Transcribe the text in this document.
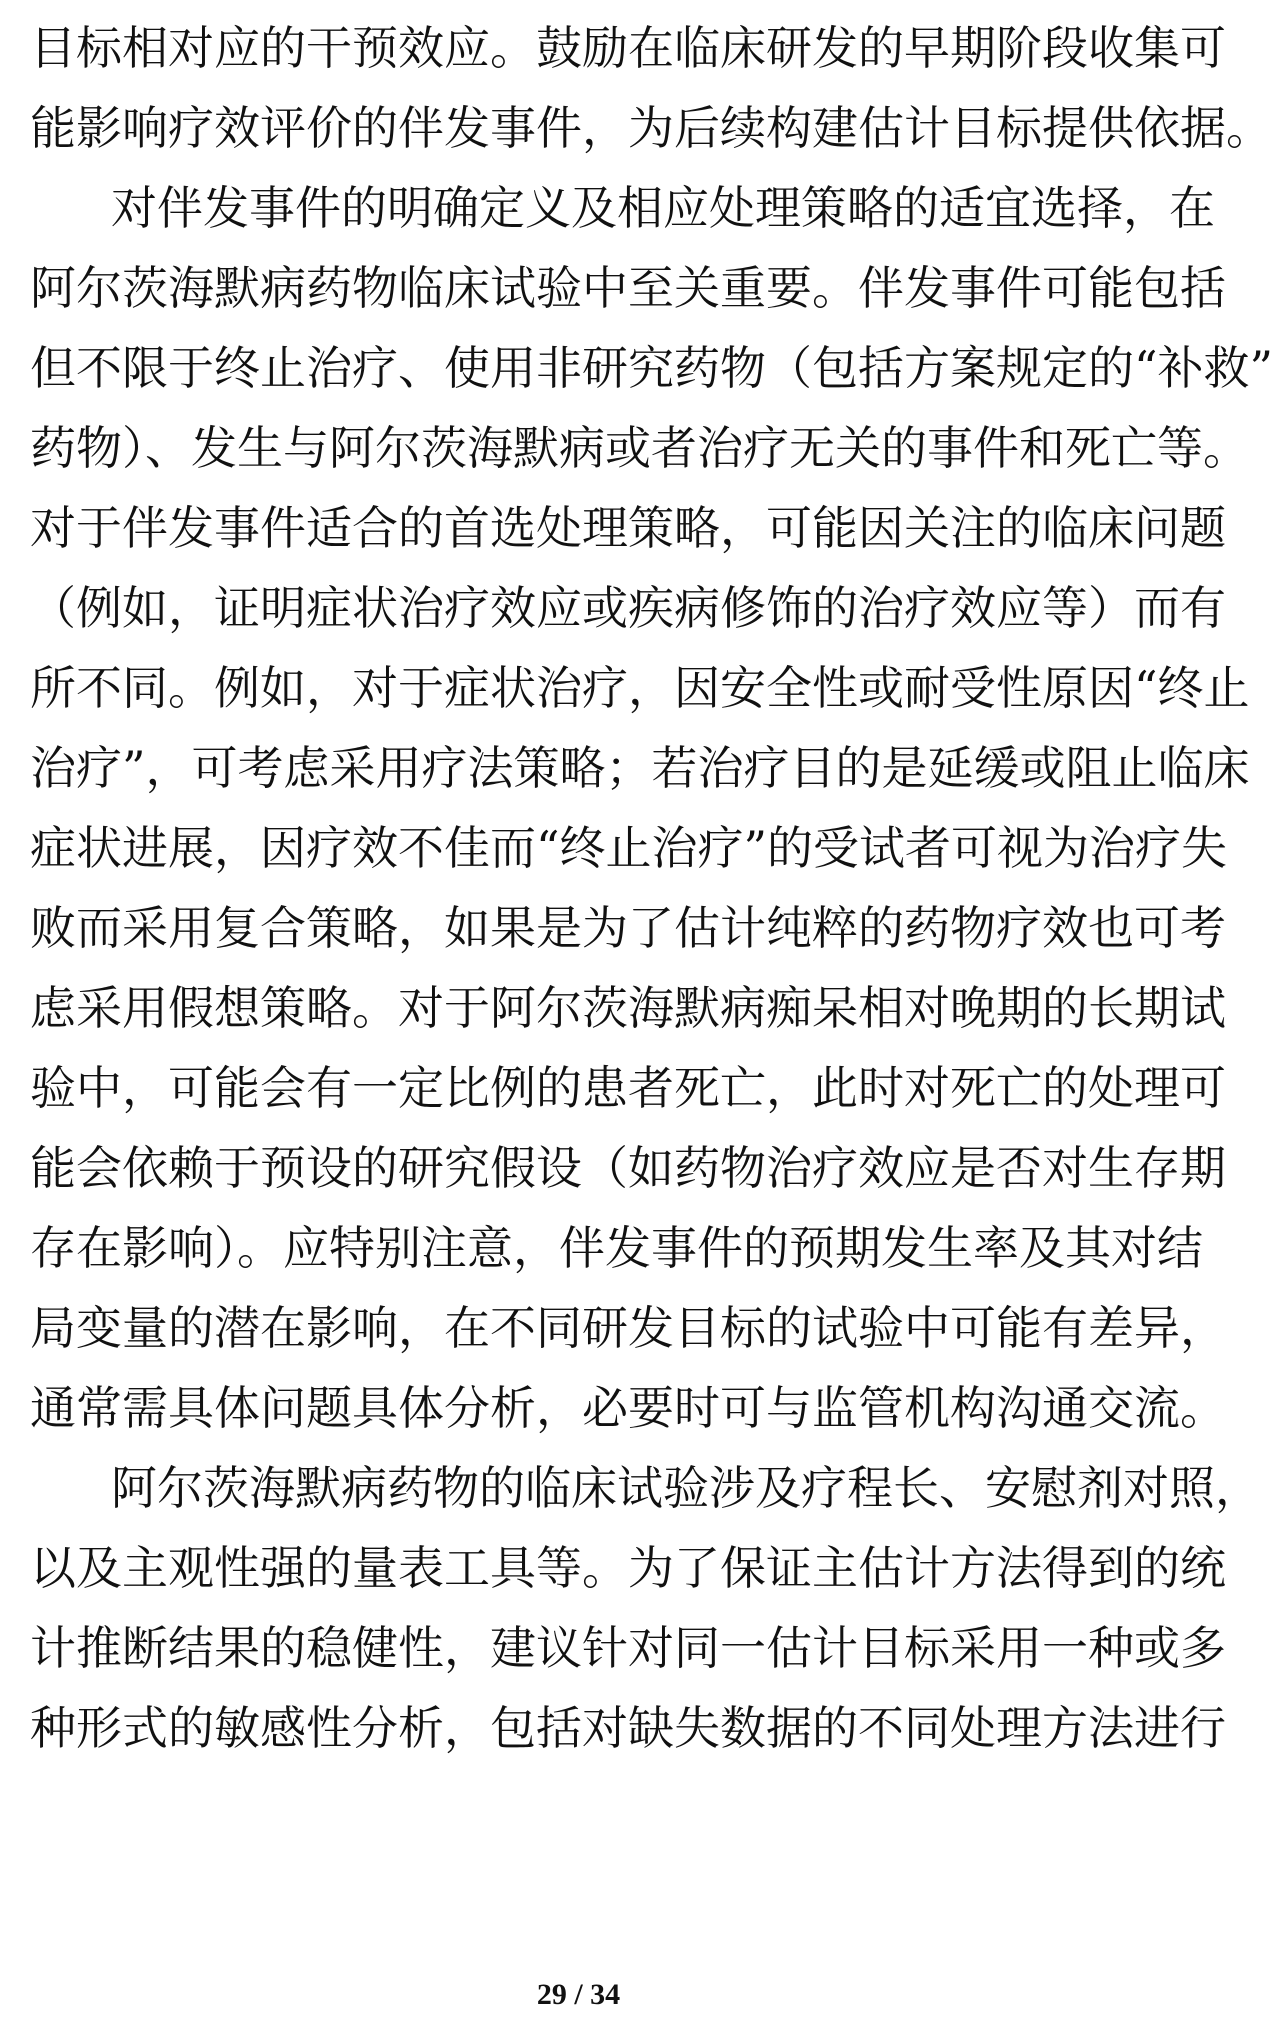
目标相对应的干预效应。鼓励在临床研发的早期阶段收集可
能影响疗效评价的伴发事件，为后续构建估计目标提供依据。
对伴发事件的明确定义及相应处理策略的适宜选择，在
阿尔茨海默病药物临床试验中至关重要。伴发事件可能包括
但不限于终止治疗、使用非研究药物（包括方案规定的“补救”
药物）、发生与阿尔茨海默病或者治疗无关的事件和死亡等。
对于伴发事件适合的首选处理策略，可能因关注的临床问题
（例如，证明症状治疗效应或疾病修饰的治疗效应等）而有
所不同。例如，对于症状治疗，因安全性或耐受性原因“终止
治疗”，可考虑采用疗法策略；若治疗目的是延缓或阻止临床
症状进展，因疗效不佳而“终止治疗”的受试者可视为治疗失
败而采用复合策略，如果是为了估计纯粹的药物疗效也可考
虑采用假想策略。对于阿尔茨海默病痴呆相对晚期的长期试
验中，可能会有一定比例的患者死亡，此时对死亡的处理可
能会依赖于预设的研究假设（如药物治疗效应是否对生存期
存在影响）。应特别注意，伴发事件的预期发生率及其对结
局变量的潜在影响，在不同研发目标的试验中可能有差异，
通常需具体问题具体分析，必要时可与监管机构沟通交流。
阿尔茨海默病药物的临床试验涉及疗程长、安慰剂对照，
以及主观性强的量表工具等。为了保证主估计方法得到的统
计推断结果的稳健性，建议针对同一估计目标采用一种或多
种形式的敏感性分析，包括对缺失数据的不同处理方法进行
29 / 34
